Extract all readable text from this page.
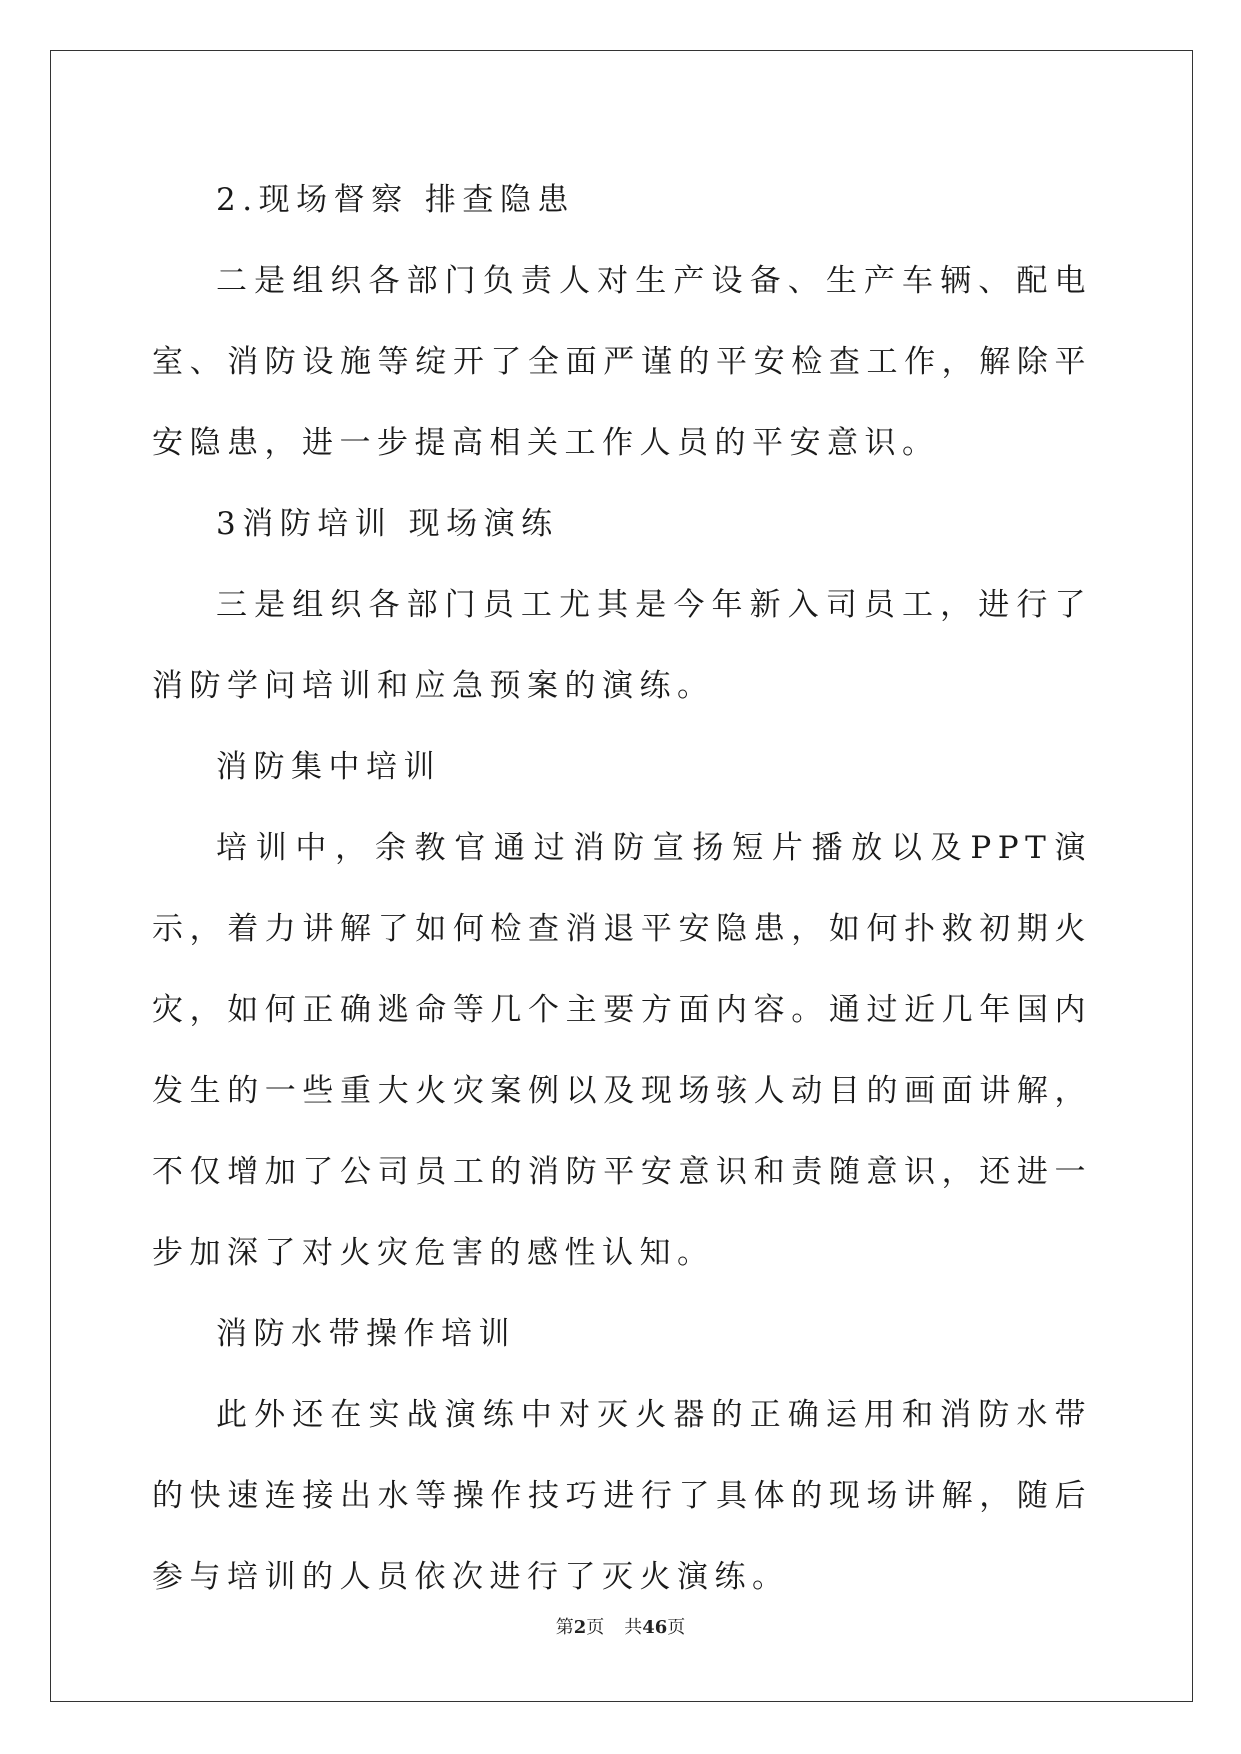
2.现场督察 排查隐患

二是组织各部门负责人对生产设备、生产车辆、配电室、消防设施等绽开了全面严谨的平安检查工作，解除平安隐患，进一步提高相关工作人员的平安意识。

3消防培训 现场演练

三是组织各部门员工尤其是今年新入司员工，进行了消防学问培训和应急预案的演练。

消防集中培训

培训中，余教官通过消防宣扬短片播放以及PPT演示，着力讲解了如何检查消退平安隐患，如何扑救初期火灾，如何正确逃命等几个主要方面内容。通过近几年国内发生的一些重大火灾案例以及现场骇人动目的画面讲解，不仅增加了公司员工的消防平安意识和责随意识，还进一步加深了对火灾危害的感性认知。

消防水带操作培训

此外还在实战演练中对灭火器的正确运用和消防水带的快速连接出水等操作技巧进行了具体的现场讲解，随后参与培训的人员依次进行了灭火演练。

第2页 共46页
